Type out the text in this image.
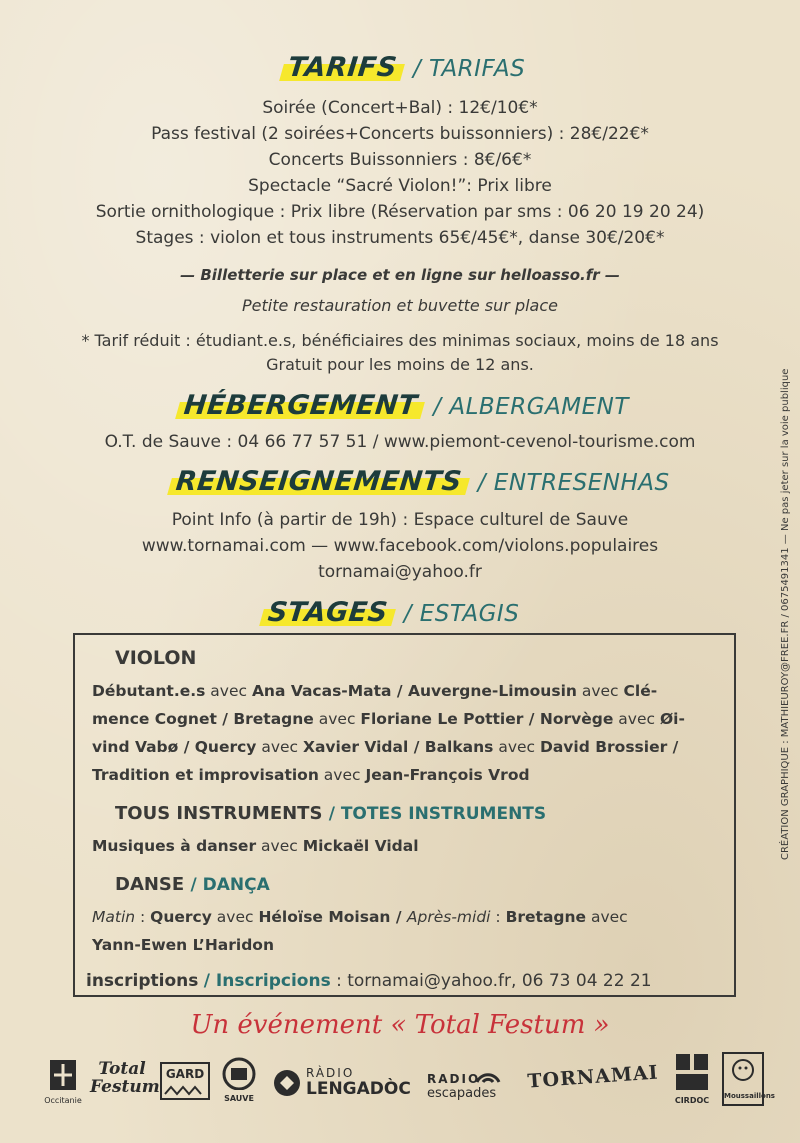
TARIFS / TARIFAS
Soirée (Concert+Bal) : 12€/10€*
Pass festival (2 soirées+Concerts buissonniers) : 28€/22€*
Concerts Buissonniers : 8€/6€*
Spectacle “Sacré Violon!”: Prix libre
Sortie ornithologique : Prix libre (Réservation par sms : 06 20 19 20 24)
Stages : violon et tous instruments 65€/45€*, danse 30€/20€*
— Billetterie sur place et en ligne sur helloasso.fr —
Petite restauration et buvette sur place
* Tarif réduit : étudiant.e.s, bénéficiaires des minimas sociaux, moins de 18 ans
Gratuit pour les moins de 12 ans.
HÉBERGEMENT / ALBERGAMENT
O.T. de Sauve : 04 66 77 57 51 / www.piemont-cevenol-tourisme.com
RENSEIGNEMENTS / ENTRESENHAS
Point Info (à partir de 19h) : Espace culturel de Sauve
www.tornamai.com — www.facebook.com/violons.populaires
tornamai@yahoo.fr
STAGES / ESTAGIS
VIOLON
Débutant.e.s avec Ana Vacas-Mata / Auvergne-Limousin avec Clé-
mence Cognet / Bretagne avec Floriane Le Pottier / Norvège avec Øi-
vind Vabø / Quercy avec Xavier Vidal / Balkans avec David Brossier /
Tradition et improvisation avec Jean-François Vrod
TOUS INSTRUMENTS / TOTES INSTRUMENTS
Musiques à danser avec Mickaël Vidal
DANSE / DANÇA
Matin : Quercy avec Héloïse Moisan / Après-midi : Bretagne avec
Yann-Ewen L’Haridon
inscriptions / Inscripcions : tornamai@yahoo.fr, 06 73 04 22 21
CRÉATION GRAPHIQUE : MATHIEUROY@FREE.FR / 0675491341 — Ne pas jeter sur la voie publique
Un événement « Total Festum »
Occitanie
Total Festum
GARD
SAUVE
RÀDIO
LENGADÒC RADIO
escapades
TORNAMAI
CIRDOC	Moussaillons
